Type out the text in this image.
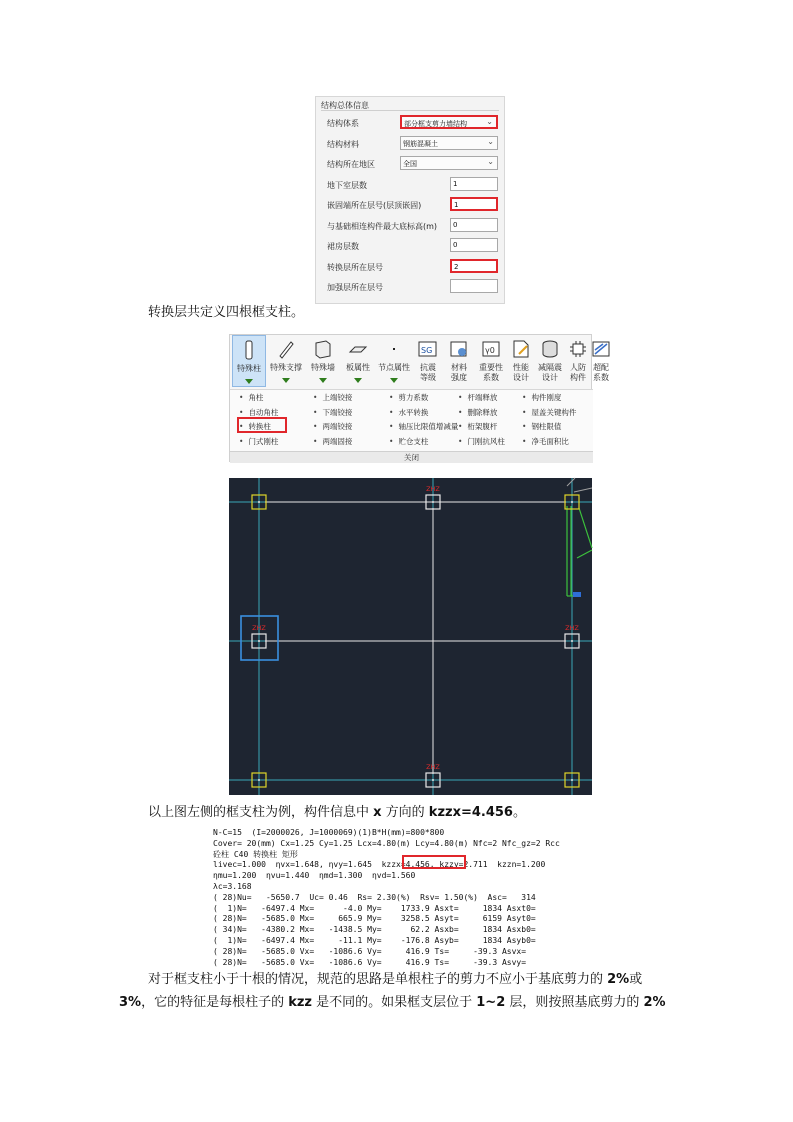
结构总体信息
结构体系	部分框支剪力墙结构 ⌄
结构材料	钢筋混凝土	⌄
结构所在地区	全国	⌄
地下室层数	1
嵌固端所在层号(层顶嵌固)	1
与基础相连构件最大底标高(m)	0
裙房层数	0
转换层所在层号	2
加强层所在层号
转换层共定义四根框支柱。
特殊柱	特殊支撑	特殊墙	板属性	节点属性
SG
抗震
等级
材料
强度
γ0
重要性
系数
性能
设计
减隔震
设计
人防
构件
超配
系数
• 角柱
• 自动角柱
• 转换柱
• 门式刚柱
• 上端铰接
• 下端铰接
• 两端铰接
• 两端固接
• 剪力系数
• 水平转换
• 轴压比限值增减量
• 贮仓支柱
• 杆端释放
• 删除释放
• 桁架腹杆
• 门刚抗风柱
• 构件刚度
• 屋盖关键构件
• 钢柱限值
• 净毛面积比
关闭
ZHZ
ZHZ	ZHZ
ZHZ
以上图左侧的框支柱为例，构件信息中 x 方向的 kzzx=4.456。
N-C=15  (I=2000026, J=1000069)(1)B*H(mm)=800*800
Cover= 20(mm) Cx=1.25 Cy=1.25 Lcx=4.80(m) Lcy=4.80(m) Nfc=2 Nfc_gz=2 Rcc
砼柱 C40 转换柱 矩形
livec=1.000  ηvx=1.648, ηvy=1.645  kzzx=4.456, kzzy=2.711  kzzn=1.200
ηmu=1.200  ηvu=1.440  ηmd=1.300  ηvd=1.560
λc=3.168
( 28)Nu=   -5650.7  Uc= 0.46  Rs= 2.30(%)  Rsv= 1.50(%)  Asc=   314
(  1)N=   -6497.4 Mx=      -4.0 My=    1733.9 Asxt=     1834 Asxt0=
( 28)N=   -5685.0 Mx=     665.9 My=    3258.5 Asyt=     6159 Asyt0=
( 34)N=   -4380.2 Mx=   -1438.5 My=      62.2 Asxb=     1834 Asxb0=
(  1)N=   -6497.4 Mx=     -11.1 My=    -176.8 Asyb=     1834 Asyb0=
( 28)N=   -5685.0 Vx=   -1086.6 Vy=     416.9 Ts=     -39.3 Asvx=
( 28)N=   -5685.0 Vx=   -1086.6 Vy=     416.9 Ts=     -39.3 Asvy=
对于框支柱小于十根的情况，规范的思路是单根柱子的剪力不应小于基底剪力的 2%或
3%，它的特征是每根柱子的 kzz 是不同的。如果框支层位于 1~2 层，则按照基底剪力的 2%
